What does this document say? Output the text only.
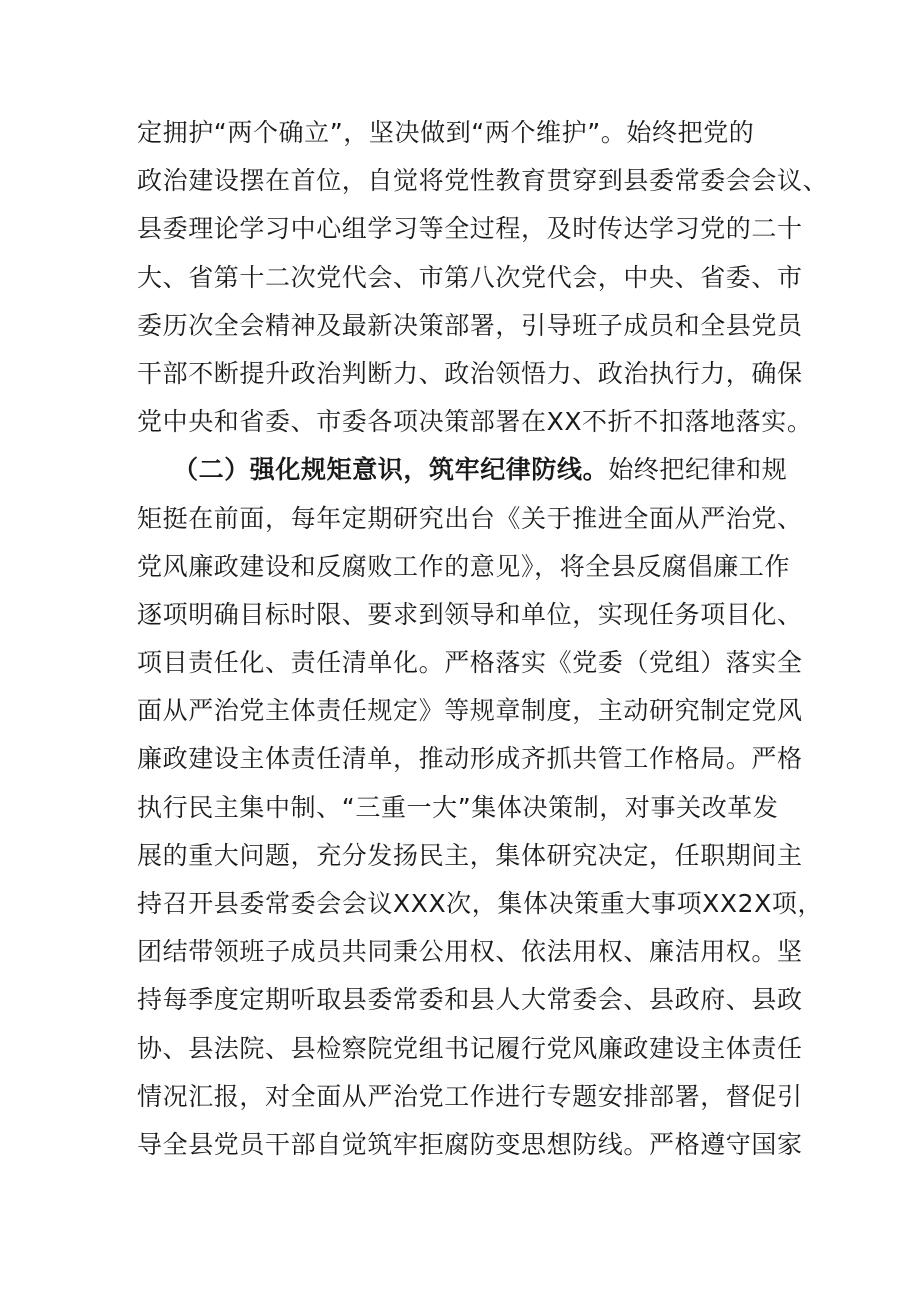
定拥护“两个确立”，坚决做到“两个维护”。始终把党的
政治建设摆在首位，自觉将党性教育贯穿到县委常委会会议、
县委理论学习中心组学习等全过程，及时传达学习党的二十
大、省第十二次党代会、市第八次党代会，中央、省委、市
委历次全会精神及最新决策部署，引导班子成员和全县党员
干部不断提升政治判断力、政治领悟力、政治执行力，确保
党中央和省委、市委各项决策部署在XX不折不扣落地落实。
（二）强化规矩意识，筑牢纪律防线。始终把纪律和规
矩挺在前面，每年定期研究出台《关于推进全面从严治党、
党风廉政建设和反腐败工作的意见》，将全县反腐倡廉工作
逐项明确目标时限、要求到领导和单位，实现任务项目化、
项目责任化、责任清单化。严格落实《党委（党组）落实全
面从严治党主体责任规定》等规章制度，主动研究制定党风
廉政建设主体责任清单，推动形成齐抓共管工作格局。严格
执行民主集中制、“三重一大”集体决策制，对事关改革发
展的重大问题，充分发扬民主，集体研究决定，任职期间主
持召开县委常委会会议XXX次，集体决策重大事项XX2X项，
团结带领班子成员共同秉公用权、依法用权、廉洁用权。坚
持每季度定期听取县委常委和县人大常委会、县政府、县政
协、县法院、县检察院党组书记履行党风廉政建设主体责任
情况汇报，对全面从严治党工作进行专题安排部署，督促引
导全县党员干部自觉筑牢拒腐防变思想防线。严格遵守国家
